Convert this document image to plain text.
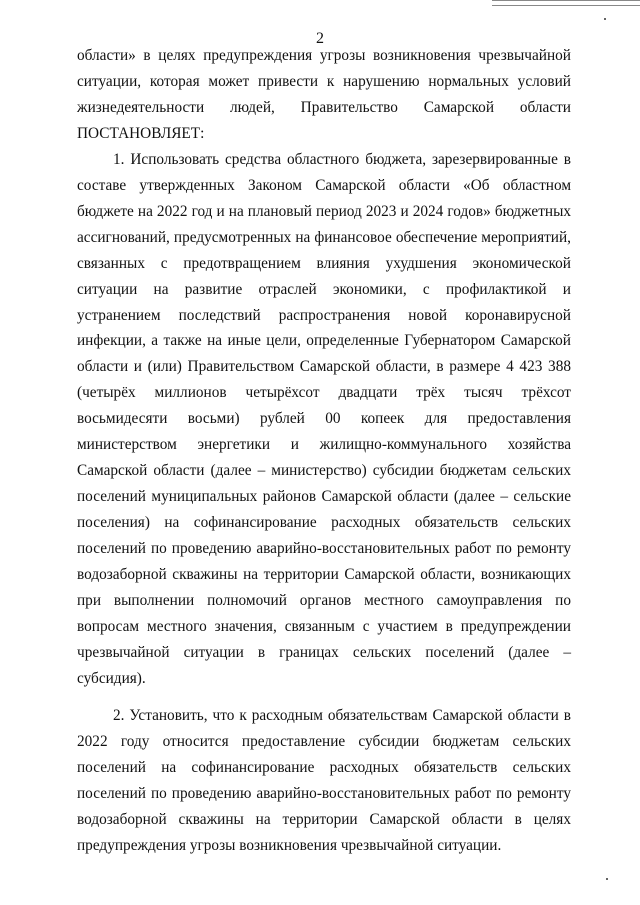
2

области» в целях предупреждения угрозы возникновения чрезвычайной ситуации, которая может привести к нарушению нормальных условий жизнедеятельности людей, Правительство Самарской области ПОСТАНОВЛЯЕТ:

1. Использовать средства областного бюджета, зарезервированные в составе утвержденных Законом Самарской области «Об областном бюджете на 2022 год и на плановый период 2023 и 2024 годов» бюджетных ассигнований, предусмотренных на финансовое обеспечение мероприятий, связанных с предотвращением влияния ухудшения экономической ситуации на развитие отраслей экономики, с профилактикой и устранением последствий распространения новой коронавирусной инфекции, а также на иные цели, определенные Губернатором Самарской области и (или) Правительством Самарской области, в размере 4 423 388 (четырёх миллионов четырёхсот двадцати трёх тысяч трёхсот восьмидесяти восьми) рублей 00 копеек для предоставления министерством энергетики и жилищно-коммунального хозяйства Самарской области (далее – министерство) субсидии бюджетам сельских поселений муниципальных районов Самарской области (далее – сельские поселения) на софинансирование расходных обязательств сельских поселений по проведению аварийно-восстановительных работ по ремонту водозаборной скважины на территории Самарской области, возникающих при выполнении полномочий органов местного самоуправления по вопросам местного значения, связанным с участием в предупреждении чрезвычайной ситуации в границах сельских поселений (далее – субсидия).

2. Установить, что к расходным обязательствам Самарской области в 2022 году относится предоставление субсидии бюджетам сельских поселений на софинансирование расходных обязательств сельских поселений по проведению аварийно-восстановительных работ по ремонту водозаборной скважины на территории Самарской области в целях предупреждения угрозы возникновения чрезвычайной ситуации.
